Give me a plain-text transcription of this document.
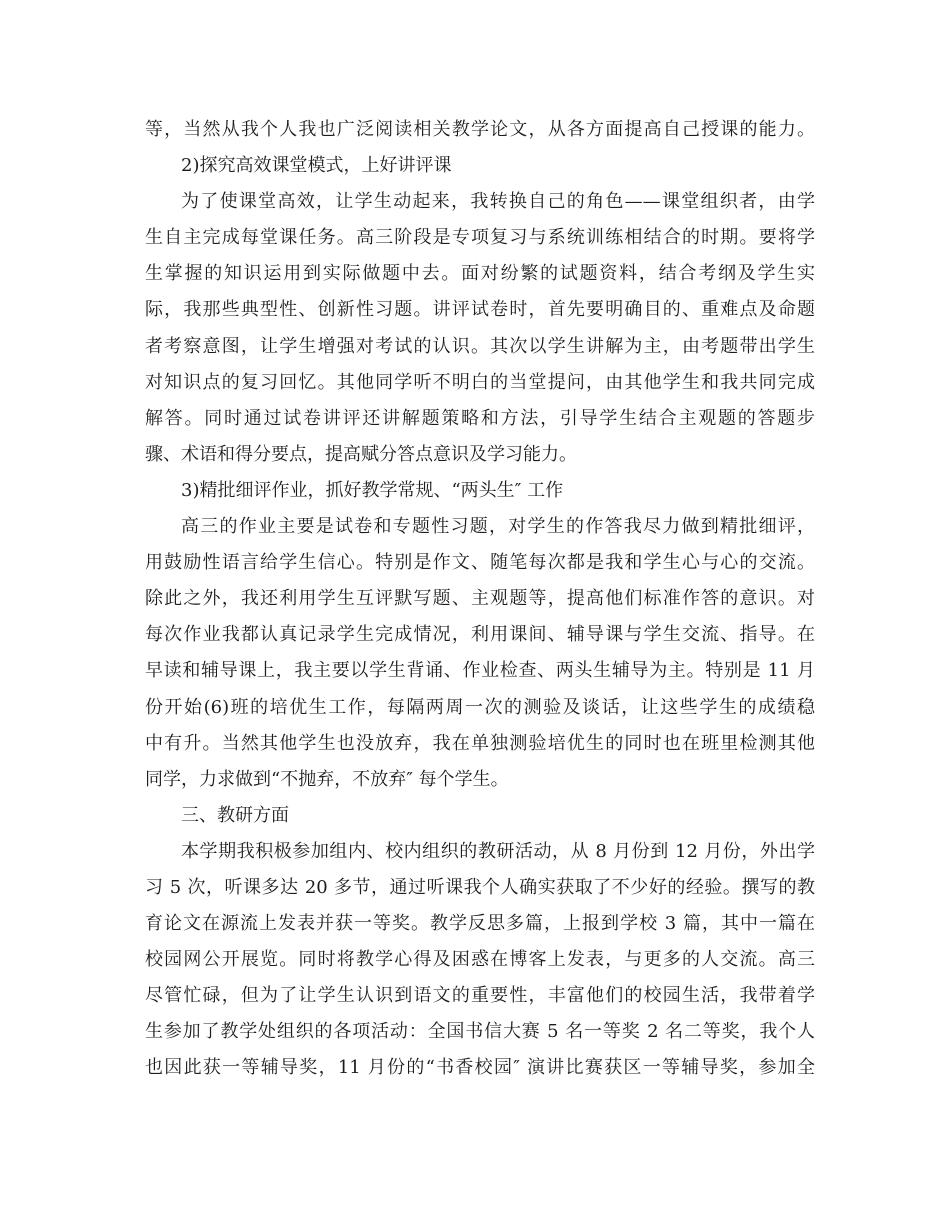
等，当然从我个人我也广泛阅读相关教学论文，从各方面提高自己授课的能力。
2)探究高效课堂模式，上好讲评课
为了使课堂高效，让学生动起来，我转换自己的角色——课堂组织者，由学
生自主完成每堂课任务。高三阶段是专项复习与系统训练相结合的时期。要将学
生掌握的知识运用到实际做题中去。面对纷繁的试题资料，结合考纲及学生实
际，我那些典型性、创新性习题。讲评试卷时，首先要明确目的、重难点及命题
者考察意图，让学生增强对考试的认识。其次以学生讲解为主，由考题带出学生
对知识点的复习回忆。其他同学听不明白的当堂提问，由其他学生和我共同完成
解答。同时通过试卷讲评还讲解题策略和方法，引导学生结合主观题的答题步
骤、术语和得分要点，提高赋分答点意识及学习能力。
3)精批细评作业，抓好教学常规、“两头生″ 工作
高三的作业主要是试卷和专题性习题，对学生的作答我尽力做到精批细评，
用鼓励性语言给学生信心。特别是作文、随笔每次都是我和学生心与心的交流。
除此之外，我还利用学生互评默写题、主观题等，提高他们标准作答的意识。对
每次作业我都认真记录学生完成情况，利用课间、辅导课与学生交流、指导。在
早读和辅导课上，我主要以学生背诵、作业检查、两头生辅导为主。特别是 11 月
份开始(6)班的培优生工作，每隔两周一次的测验及谈话，让这些学生的成绩稳
中有升。当然其他学生也没放弃，我在单独测验培优生的同时也在班里检测其他
同学，力求做到“不抛弃，不放弃″ 每个学生。
三、教研方面
本学期我积极参加组内、校内组织的教研活动，从 8 月份到 12 月份，外出学
习 5 次，听课多达 20 多节，通过听课我个人确实获取了不少好的经验。撰写的教
育论文在源流上发表并获一等奖。教学反思多篇，上报到学校 3 篇，其中一篇在
校园网公开展览。同时将教学心得及困惑在博客上发表，与更多的人交流。高三
尽管忙碌，但为了让学生认识到语文的重要性，丰富他们的校园生活，我带着学
生参加了教学处组织的各项活动：全国书信大赛 5 名一等奖 2 名二等奖，我个人
也因此获一等辅导奖，11 月份的“书香校园″ 演讲比赛获区一等辅导奖，参加全
